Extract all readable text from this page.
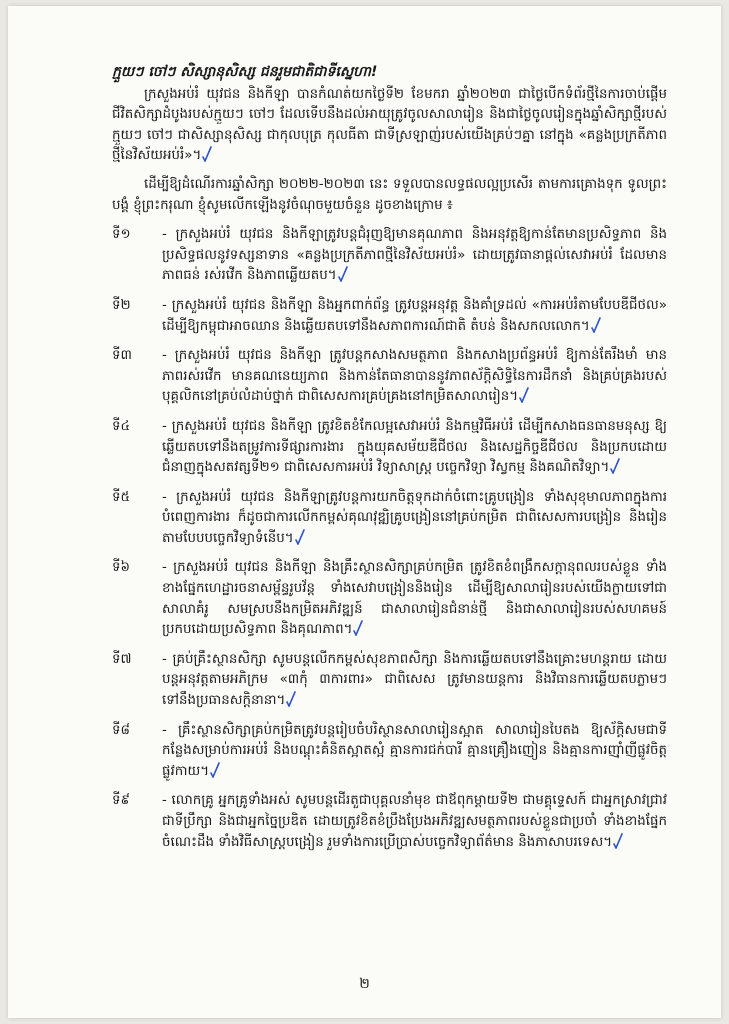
ក្មួយៗ ចៅៗ សិស្សានុសិស្ស ជនរួមជាតិជាទីស្នេហា!

ក្រសួងអប់រំ យុវជន និងកីឡា បានកំណត់យកថ្ងៃទី២ ខែមករា ឆ្នាំ២០២៣ ជាថ្ងៃបើកទំព័រថ្មីនៃការចាប់ផ្តើមជីវិតសិក្សាដំបូងរបស់ក្មួយៗ ចៅៗ ដែលទើបនឹងដល់អាយុត្រូវចូលសាលារៀន និងជាថ្ងៃចូលរៀនក្នុងឆ្នាំសិក្សាថ្មីរបស់ក្មួយៗ ចៅៗ ជាសិស្សានុសិស្ស ជាកុលបុត្រ កុលធីតា ជាទីស្រឡាញ់របស់យើងគ្រប់ៗគ្នា នៅក្នុង «គន្លងប្រក្រតីភាពថ្មីនៃវិស័យអប់រំ»។

ដើម្បីឱ្យដំណើរការឆ្នាំសិក្សា ២០២២-២០២៣ នេះ ទទួលបានលទ្ធផលល្អប្រសើរ តាមការគ្រោងទុក ទូលព្រះបង្គំ ខ្ញុំព្រះករុណា ខ្ញុំសូមលើកឡើងនូវចំណុចមួយចំនួន ដូចខាងក្រោម ៖

ទី១	- ក្រសួងអប់រំ យុវជន និងកីឡាត្រូវបន្តជំរុញឱ្យមានគុណភាព និងអនុវត្តឱ្យកាន់តែមានប្រសិទ្ធភាព និង ប្រសិទ្ធផលនូវទស្សនាទាន «គន្លងប្រក្រតីភាពថ្មីនៃវិស័យអប់រំ» ដោយត្រូវធានាផ្តល់សេវាអប់រំ ដែលមានភាពធន់ រស់រវើក និងភាពឆ្លើយតប។
ទី២	- ក្រសួងអប់រំ យុវជន និងកីឡា និងអ្នកពាក់ព័ន្ធ ត្រូវបន្តអនុវត្ត និងគាំទ្រដល់ «ការអប់រំតាមបែបឌីជីថល» ដើម្បីឱ្យកម្ពុជាអាចឈាន និងឆ្លើយតបទៅនឹងសភាពការណ៍ជាតិ តំបន់ និងសកលលោក។
ទី៣	- ក្រសួងអប់រំ យុវជន និងកីឡា ត្រូវបន្តកសាងសមត្ថភាព និងកសាងប្រព័ន្ធអប់រំ ឱ្យកាន់តែរឹងមាំ មានភាពរស់រវើក មានគណនេយ្យភាព និងកាន់តែធានាបាននូវភាពស័ក្តិសិទ្ធិនៃការដឹកនាំ និងគ្រប់គ្រងរបស់បុគ្គលិកនៅគ្រប់លំដាប់ថ្នាក់ ជាពិសេសការគ្រប់គ្រងនៅកម្រិតសាលារៀន។
ទី៤	- ក្រសួងអប់រំ យុវជន និងកីឡា ត្រូវខិតខំកែលម្អសេវាអប់រំ និងកម្មវិធីអប់រំ ដើម្បីកសាងធនធានមនុស្ស ឱ្យឆ្លើយតបទៅនឹងតម្រូវការទីផ្សារការងារ ក្នុងយុគសម័យឌីជីថល និងសេដ្ឋកិច្ចឌីជីថល និងប្រកបដោយជំនាញក្នុងសតវត្សទី២១ ជាពិសេសការអប់រំ វិទ្យាសាស្ត្រ បច្ចេកវិទ្យា វិស្វកម្ម និងគណិតវិទ្យា។
ទី៥	- ក្រសួងអប់រំ យុវជន និងកីឡាត្រូវបន្តការយកចិត្តទុកដាក់ចំពោះគ្រូបង្រៀន ទាំងសុខុមាលភាពក្នុងការបំពេញការងារ ក៏ដូចជាការលើកកម្ពស់គុណវុឌ្ឍិគ្រូបង្រៀននៅគ្រប់កម្រិត ជាពិសេសការបង្រៀន និងរៀនតាមបែបបច្ចេកវិទ្យាទំនើប។
ទី៦	- ក្រសួងអប់រំ យុវជន និងកីឡា និងគ្រឹះស្ថានសិក្សាគ្រប់កម្រិត ត្រូវខិតខំពង្រឹកសក្តានុពលរបស់ខ្លួន ទាំងខាងផ្នែកហេដ្ឋារចនាសម្ព័ន្ធរូបវ័ន្ត ទាំងសេវាបង្រៀននិងរៀន ដើម្បីឱ្យសាលារៀនរបស់យើងក្លាយទៅជាសាលាគំរូ សមស្របនឹងកម្រិតអភិវឌ្ឍន៍ ជាសាលារៀនជំនាន់ថ្មី និងជាសាលារៀនរបស់សហគមន៍ ប្រកបដោយប្រសិទ្ធភាព និងគុណភាព។
ទី៧	- គ្រប់គ្រឹះស្ថានសិក្សា សូមបន្តលើកកម្ពស់សុខភាពសិក្សា និងការឆ្លើយតបទៅនឹងគ្រោះមហន្តរាយ ដោយបន្តអនុវត្តតាមអភិក្រម «៣កុំ ៣ការពារ» ជាពិសេស ត្រូវមានយន្តការ និងវិធានការឆ្លើយតបភ្លាមៗ ទៅនឹងប្រធានសក្តិនានា។
ទី៨	- គ្រឹះស្ថានសិក្សាគ្រប់កម្រិតត្រូវបន្តរៀបចំបរិស្ថានសាលារៀនស្អាត សាលារៀនបៃតង ឱ្យស័ក្តិសមជាទីកន្លែងសម្រាប់ការអប់រំ និងបណ្តុះគំនិតស្អាតស្អំ គ្មានការជក់បារី គ្មានគ្រឿងញៀន និងគ្មានការញ៉ាំញីផ្លូវចិត្ត ផ្លូវកាយ។
ទី៩	- លោកគ្រូ អ្នកគ្រូទាំងអស់ សូមបន្តដើរតួជាបុគ្គលនាំមុខ ជាឪពុកម្តាយទី២ ជាមគ្គុទ្ទេសក៍ ជាអ្នកស្រាវជ្រាវ ជាទីប្រឹក្សា និងជាអ្នកច្នៃប្រឌិត ដោយត្រូវខិតខំប្រឹងប្រែងអភិវឌ្ឍសមត្ថភាពរបស់ខ្លួនជាប្រចាំ ទាំងខាងផ្នែកចំណេះដឹង ទាំងវិធីសាស្ត្របង្រៀន រួមទាំងការប្រើប្រាស់បច្ចេកវិទ្យាព័ត៌មាន និងភាសាបរទេស។
២
